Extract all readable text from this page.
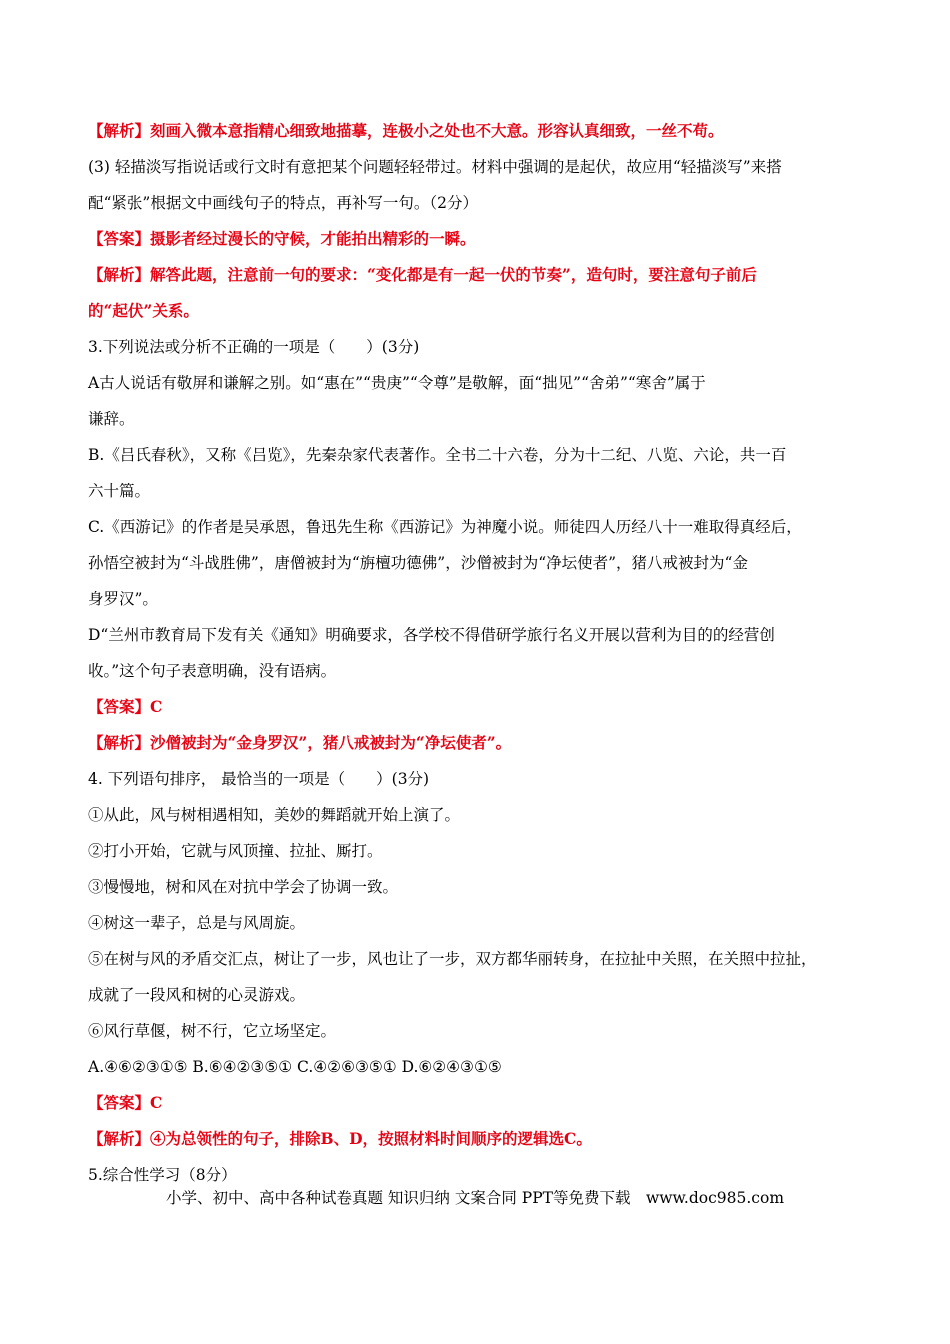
【解析】刻画入微本意指精心细致地描摹，连极小之处也不大意。形容认真细致，一丝不苟。
(3) 轻描淡写指说话或行文时有意把某个问题轻轻带过。材料中强调的是起伏，故应用“轻描淡写”来搭
配“紧张”根据文中画线句子的特点，再补写一句。（2分）
【答案】摄影者经过漫长的守候，才能拍出精彩的一瞬。
【解析】解答此题，注意前一句的要求：“变化都是有一起一伏的节奏”，造句时，要注意句子前后
的“起伏”关系。
3.下列说法或分析不正确的一项是（　　）(3分)
A古人说话有敬屏和谦解之别。如“惠在”“贵庚”“令尊”是敬解，面“拙见”“舍弟”“寒舍”属于
谦辞。
B.《吕氏春秋》，又称《吕览》，先秦杂家代表著作。全书二十六卷，分为十二纪、八览、六论，共一百
六十篇。
C.《西游记》的作者是吴承恩，鲁迅先生称《西游记》为神魔小说。师徒四人历经八十一难取得真经后，
孙悟空被封为“斗战胜佛”，唐僧被封为“旃檀功德佛”，沙僧被封为“净坛使者”，猪八戒被封为“金
身罗汉”。
D“兰州市教育局下发有关《通知》明确要求，各学校不得借研学旅行名义开展以营利为目的的经营创
收。”这个句子表意明确，没有语病。
【答案】C
【解析】沙僧被封为“金身罗汉”，猪八戒被封为“净坛使者”。
4. 下列语句排序， 最恰当的一项是（　　）(3分)
①从此，风与树相遇相知，美妙的舞蹈就开始上演了。
②打小开始，它就与风顶撞、拉扯、厮打。
③慢慢地，树和风在对抗中学会了协调一致。
④树这一辈子，总是与风周旋。
⑤在树与风的矛盾交汇点，树让了一步，风也让了一步，双方都华丽转身，在拉扯中关照，在关照中拉扯，
成就了一段风和树的心灵游戏。
⑥风行草偃，树不行，它立场坚定。
A.④⑥②③①⑤ B.⑥④②③⑤① C.④②⑥③⑤① D.⑥②④③①⑤
【答案】C
【解析】④为总领性的句子，排除B、D，按照材料时间顺序的逻辑选C。
5.综合性学习（8分）
小学、初中、高中各种试卷真题 知识归纳 文案合同 PPT等免费下载　www.doc985.com
